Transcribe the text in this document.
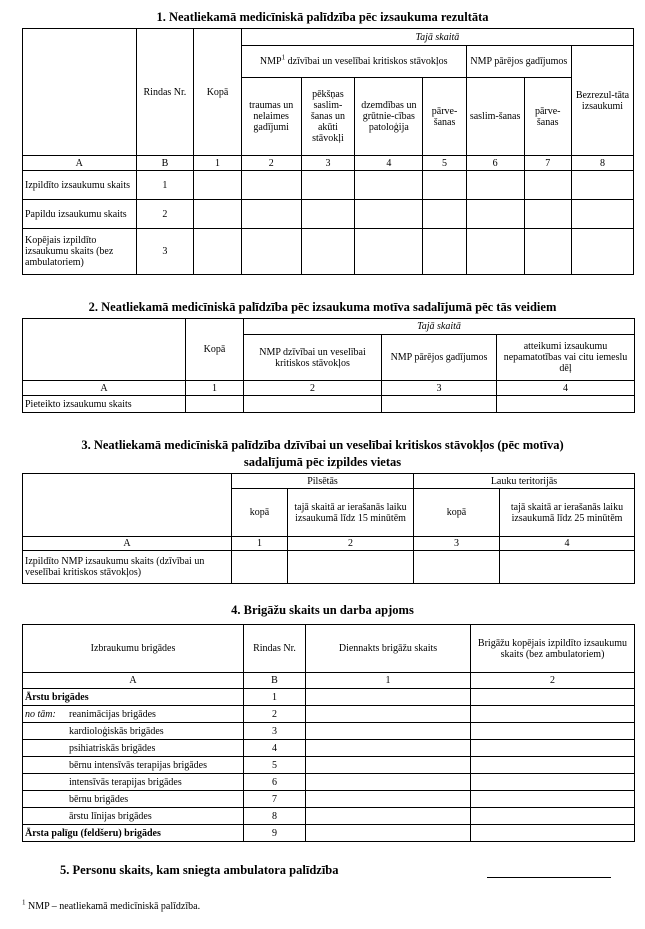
1. Neatliekamā medicīniskā palīdzība pēc izsaukuma rezultāta
	Rindas Nr.	Kopā	Tajā skaitā						
			NMP$^1$ dzīvībai un veselībai kritiskos stāvokļos				NMP pārējos gadījumos		Bezrezul-tāta izsaukumi
			traumas un nelaimes gadījumi	pēkšņas saslim-šanas un akūti stāvokļi	dzemdības un grūtnie-cības patoloģija	pārve-šanas	saslim-šanas	pārve-šanas	
A	B	1	2	3	4	5	6	7	8
Izpildīto izsaukumu skaits	1								
Papildu izsaukumu skaits	2								
Kopējais izpildīto izsaukumu skaits (bez ambulatoriem)	3								
2. Neatliekamā medicīniskā palīdzība pēc izsaukuma motīva sadalījumā pēc tās veidiem
	Kopā	Tajā skaitā		
		NMP dzīvībai un veselībai kritiskos stāvokļos	NMP pārējos gadījumos	atteikumi izsaukumu nepamatotības vai citu iemeslu dēļ
A	1	2	3	4
Pieteikto izsaukumu skaits				
3. Neatliekamā medicīniskā palīdzība dzīvībai un veselībai kritiskos stāvokļos (pēc motīva)
sadalījumā pēc izpildes vietas
	Pilsētās		Lauku teritorijās	
	kopā	tajā skaitā ar ierašanās laiku izsaukumā līdz 15 minūtēm	kopā	tajā skaitā ar ierašanās laiku izsaukumā līdz 25 minūtēm
A	1	2	3	4
Izpildīto NMP izsaukumu skaits (dzīvībai un veselībai kritiskos stāvokļos)				
4. Brigāžu skaits un darba apjoms
Izbraukumu brigādes	Rindas Nr.	Diennakts brigāžu skaits	Brigāžu kopējais izpildīto izsaukumu skaits (bez ambulatoriem)
A	B	1	2
Ārstu brigādes	1		
no tām: reanimācijas brigādes	2		
kardioloģiskās brigādes	3		
psihiatriskās brigādes	4		
bērnu intensīvās terapijas brigādes	5		
intensīvās terapijas brigādes	6		
bērnu brigādes	7		
ārstu līnijas brigādes	8		
Ārsta palīgu (feldšeru) brigādes	9		
5. Personu skaits, kam sniegta ambulatora palīdzība
$^1$ NMP – neatliekamā medicīniskā palīdzība.
